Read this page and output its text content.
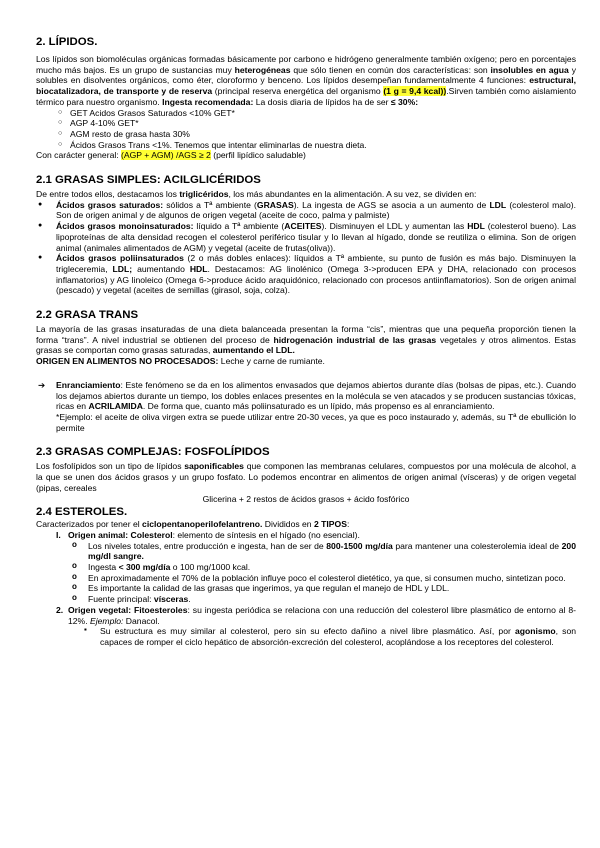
2. LÍPIDOS.

Los lípidos son biomoléculas orgánicas formadas básicamente por carbono e hidrógeno generalmente también oxígeno; pero en porcentajes mucho más bajos. Es un grupo de sustancias muy heterogéneas que sólo tienen en común dos características: son insolubles en agua y solubles en disolventes orgánicos, como éter, cloroformo y benceno. Los lípidos desempeñan fundamentalmente 4 funciones: estructural, biocatalizadora, de transporte y de reserva (principal reserva energética del organismo (1 g = 9,4 kcal)).Sirven también como aislamiento térmico para nuestro organismo. Ingesta recomendada: La dosis diaria de lípidos ha de ser ≤ 30%:

○ GET Acidos Grasos Saturados <10% GET*
○ AGP 4-10% GET*
○ AGM resto de grasa hasta 30%
○ Ácidos Grasos Trans <1%. Tenemos que intentar eliminarlas de nuestra dieta.

Con carácter general: (AGP + AGM) /AGS ≥ 2 (perfil lipídico saludable)

2.1 GRASAS SIMPLES: ACILGLICÉRIDOS

De entre todos ellos, destacamos los triglicéridos, los más abundantes en la alimentación. A su vez, se dividen en:

● Ácidos grasos saturados: sólidos a Tª ambiente (GRASAS). La ingesta de AGS se asocia a un aumento de LDL (colesterol malo). Son de origen animal y de algunos de origen vegetal (aceite de coco, palma y palmiste)
● Ácidos grasos monoinsaturados: líquido a Tª ambiente (ACEITES). Disminuyen el LDL y aumentan las HDL (colesterol bueno). Las lipoproteínas de alta densidad recogen el colesterol periférico tisular y lo llevan al hígado, donde se reutiliza o elimina. Son de origen animal (animales alimentados de AGM) y vegetal (aceite de frutas(oliva)).
● Ácidos grasos poliinsaturados (2 o más dobles enlaces): líquidos a Tª ambiente, su punto de fusión es más bajo. Disminuyen la trigleceremia, LDL; aumentando HDL. Destacamos: AG linolénico (Omega 3->producen EPA y DHA, relacionado con procesos inflamatorios) y AG linoleico (Omega 6->produce ácido araquidónico, relacionado con procesos antiinflamatorios). Son de origen animal (pescado) y vegetal (aceites de semillas (girasol, soja, colza).
2.2 GRASA TRANS

La mayoría de las grasas insaturadas de una dieta balanceada presentan la forma “cis”, mientras que una pequeña proporción tienen la forma “trans”. A nivel industrial se obtienen del proceso de hidrogenación industrial de las grasas vegetales y otros alimentos. Estas grasas se comportan como grasas saturadas, aumentando el LDL.
ORIGEN EN ALIMENTOS NO PROCESADOS: Leche y carne de rumiante.

➔ Enranciamiento: Este fenómeno se da en los alimentos envasados que dejamos abiertos durante días (bolsas de pipas, etc.). Cuando los dejamos abiertos durante un tiempo, los dobles enlaces presentes en la molécula se ven atacados y se producen sustancias tóxicas, ricas en ACRILAMIDA. De forma que, cuanto más poliinsaturado es un lípido, más propenso es al enranciamiento.
*Ejemplo: el aceite de oliva virgen extra se puede utilizar entre 20-30 veces, ya que es poco instaurado y, además, su Tª de ebullición lo permite
2.3 GRASAS COMPLEJAS: FOSFOLÍPIDOS

Los fosfolípidos son un tipo de lípidos saponificables que componen las membranas celulares, compuestos por una molécula de alcohol, a la que se unen dos ácidos grasos y un grupo fosfato. Lo podemos encontrar en alimentos de origen animal (vísceras) y de origen vegetal (pipas, cereales

Glicerina + 2 restos de ácidos grasos + ácido fosfórico

2.4 ESTEROLES.

Caracterizados por tener el ciclopentanoperilofelantreno. Divididos en 2 TIPOS:

I. Origen animal: Colesterol: elemento de síntesis en el hígado (no esencial).
o Los niveles totales, entre producción e ingesta, han de ser de 800-1500 mg/día para mantener una colesterolemia ideal de 200 mg/dl sangre.
o Ingesta < 300 mg/día o 100 mg/1000 kcal.
o En aproximadamente el 70% de la población influye poco el colesterol dietético, ya que, si consumen mucho, sintetizan poco.
o Es importante la calidad de las grasas que ingerimos, ya que regulan el manejo de HDL y LDL.
o Fuente principal: vísceras.
2. Origen vegetal: Fitoesteroles: su ingesta periódica se relaciona con una reducción del colesterol libre plasmático de entorno al 8-12%. Ejemplo: Danacol.
▪ Su estructura es muy similar al colesterol, pero sin su efecto dañino a nivel libre plasmático. Así, por agonismo, son capaces de romper el ciclo hepático de absorción-excreción del colesterol, acoplándose a los receptores del colesterol.
